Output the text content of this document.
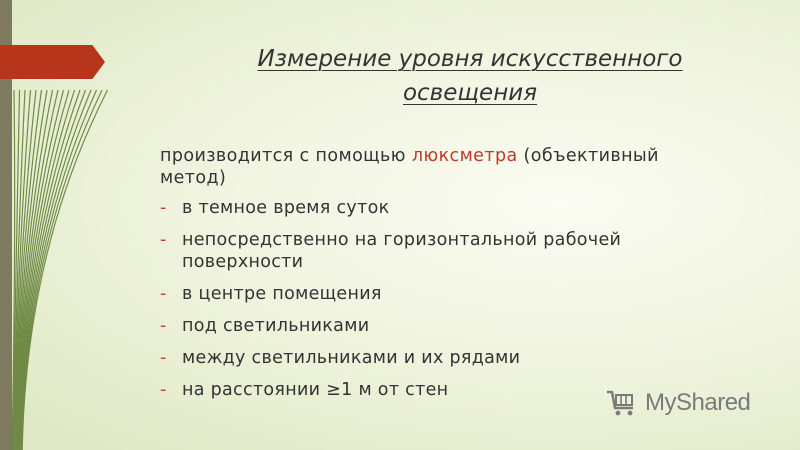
Измерение уровня искусственного освещения
производится с помощью люксметра (объективный метод)
- в темное время суток
- непосредственно на горизонтальной рабочей поверхности
- в центре помещения
- под светильниками
- между светильниками и их рядами
- на расстоянии ≥1 м от стен	MyShared
